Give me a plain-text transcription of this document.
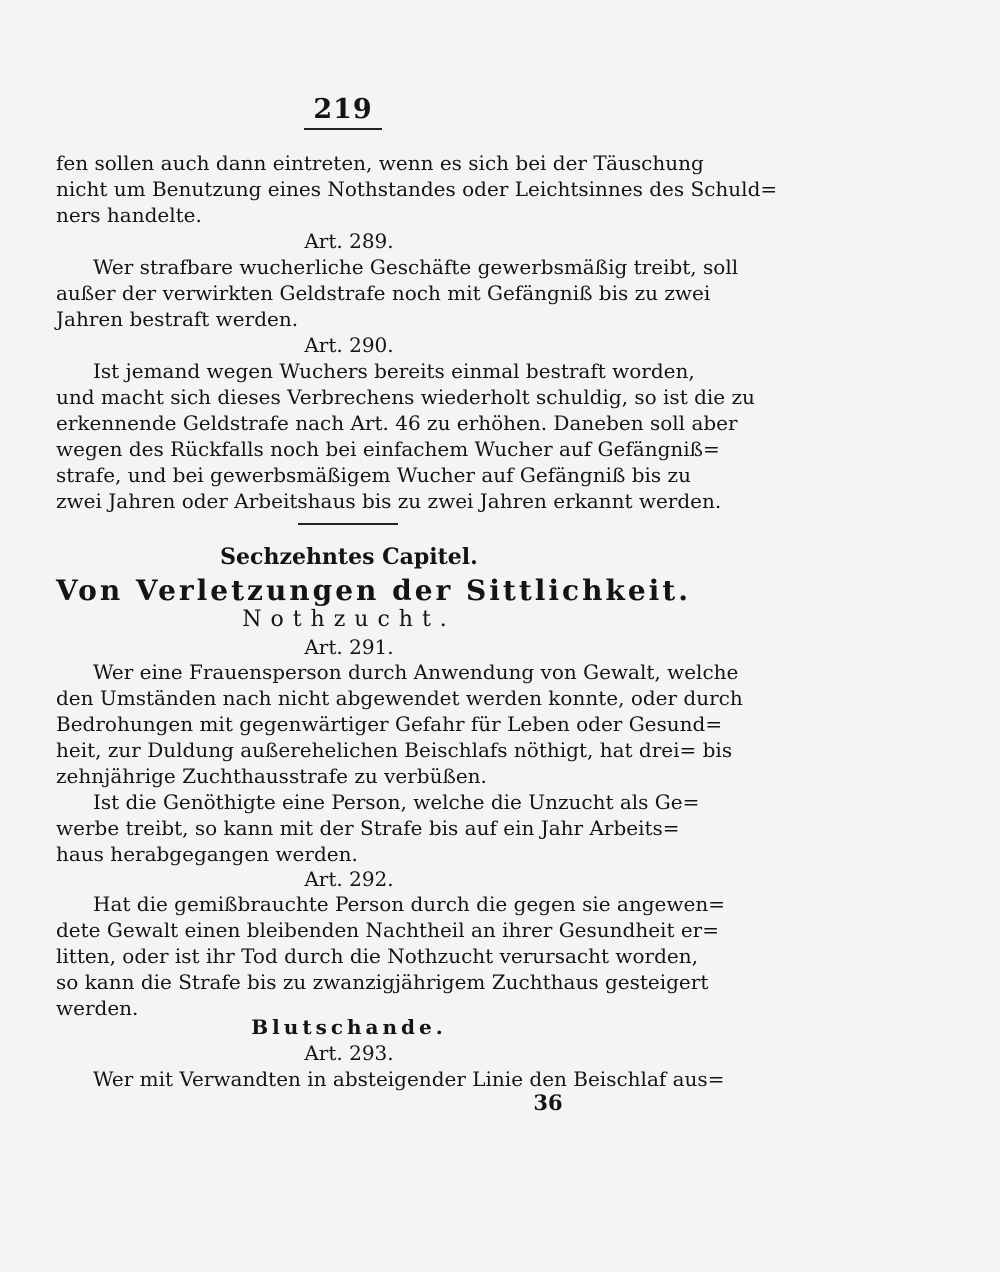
219
fen sollen auch dann eintreten, wenn es sich bei der Täuschung
nicht um Benutzung eines Nothstandes oder Leichtsinnes des Schuld=
ners handelte.
Art. 289.
Wer strafbare wucherliche Geschäfte gewerbsmäßig treibt, soll
außer der verwirkten Geldstrafe noch mit Gefängniß bis zu zwei
Jahren bestraft werden.
Art. 290.
Ist jemand wegen Wuchers bereits einmal bestraft worden,
und macht sich dieses Verbrechens wiederholt schuldig, so ist die zu
erkennende Geldstrafe nach Art. 46 zu erhöhen. Daneben soll aber
wegen des Rückfalls noch bei einfachem Wucher auf Gefängniß=
strafe, und bei gewerbsmäßigem Wucher auf Gefängniß bis zu
zwei Jahren oder Arbeitshaus bis zu zwei Jahren erkannt werden.
Sechzehntes Capitel.
Von Verletzungen der Sittlichkeit.
Nothzucht.
Art. 291.
Wer eine Frauensperson durch Anwendung von Gewalt, welche
den Umständen nach nicht abgewendet werden konnte, oder durch
Bedrohungen mit gegenwärtiger Gefahr für Leben oder Gesund=
heit, zur Duldung außerehelichen Beischlafs nöthigt, hat drei= bis
zehnjährige Zuchthausstrafe zu verbüßen.
Ist die Genöthigte eine Person, welche die Unzucht als Ge=
werbe treibt, so kann mit der Strafe bis auf ein Jahr Arbeits=
haus herabgegangen werden.
Art. 292.
Hat die gemißbrauchte Person durch die gegen sie angewen=
dete Gewalt einen bleibenden Nachtheil an ihrer Gesundheit er=
litten, oder ist ihr Tod durch die Nothzucht verursacht worden,
so kann die Strafe bis zu zwanzigjährigem Zuchthaus gesteigert
werden.
Blutschande.
Art. 293.
Wer mit Verwandten in absteigender Linie den Beischlaf aus=
36
